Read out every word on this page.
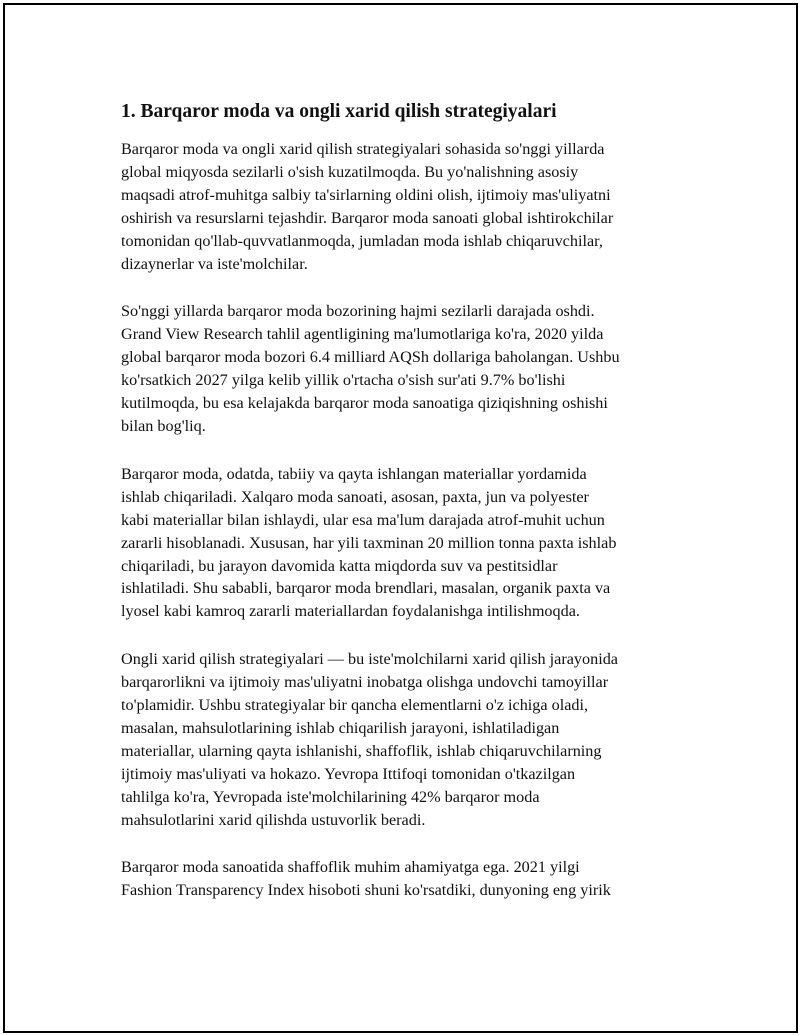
1. Barqaror moda va ongli xarid qilish strategiyalari
Barqaror moda va ongli xarid qilish strategiyalari sohasida so'nggi yillarda
global miqyosda sezilarli o'sish kuzatilmoqda. Bu yo'nalishning asosiy
maqsadi atrof-muhitga salbiy ta'sirlarning oldini olish, ijtimoiy mas'uliyatni
oshirish va resurslarni tejashdir. Barqaror moda sanoati global ishtirokchilar
tomonidan qo'llab-quvvatlanmoqda, jumladan moda ishlab chiqaruvchilar,
dizaynerlar va iste'molchilar.
So'nggi yillarda barqaror moda bozorining hajmi sezilarli darajada oshdi.
Grand View Research tahlil agentligining ma'lumotlariga ko'ra, 2020 yilda
global barqaror moda bozori 6.4 milliard AQSh dollariga baholangan. Ushbu
ko'rsatkich 2027 yilga kelib yillik o'rtacha o'sish sur'ati 9.7% bo'lishi
kutilmoqda, bu esa kelajakda barqaror moda sanoatiga qiziqishning oshishi
bilan bog'liq.
Barqaror moda, odatda, tabiiy va qayta ishlangan materiallar yordamida
ishlab chiqariladi. Xalqaro moda sanoati, asosan, paxta, jun va polyester
kabi materiallar bilan ishlaydi, ular esa ma'lum darajada atrof-muhit uchun
zararli hisoblanadi. Xususan, har yili taxminan 20 million tonna paxta ishlab
chiqariladi, bu jarayon davomida katta miqdorda suv va pestitsidlar
ishlatiladi. Shu sababli, barqaror moda brendlari, masalan, organik paxta va
lyosel kabi kamroq zararli materiallardan foydalanishga intilishmoqda.
Ongli xarid qilish strategiyalari — bu iste'molchilarni xarid qilish jarayonida
barqarorlikni va ijtimoiy mas'uliyatni inobatga olishga undovchi tamoyillar
to'plamidir. Ushbu strategiyalar bir qancha elementlarni o'z ichiga oladi,
masalan, mahsulotlarining ishlab chiqarilish jarayoni, ishlatiladigan
materiallar, ularning qayta ishlanishi, shaffoflik, ishlab chiqaruvchilarning
ijtimoiy mas'uliyati va hokazo. Yevropa Ittifoqi tomonidan o'tkazilgan
tahlilga ko'ra, Yevropada iste'molchilarining 42% barqaror moda
mahsulotlarini xarid qilishda ustuvorlik beradi.
Barqaror moda sanoatida shaffoflik muhim ahamiyatga ega. 2021 yilgi
Fashion Transparency Index hisoboti shuni ko'rsatdiki, dunyoning eng yirik
